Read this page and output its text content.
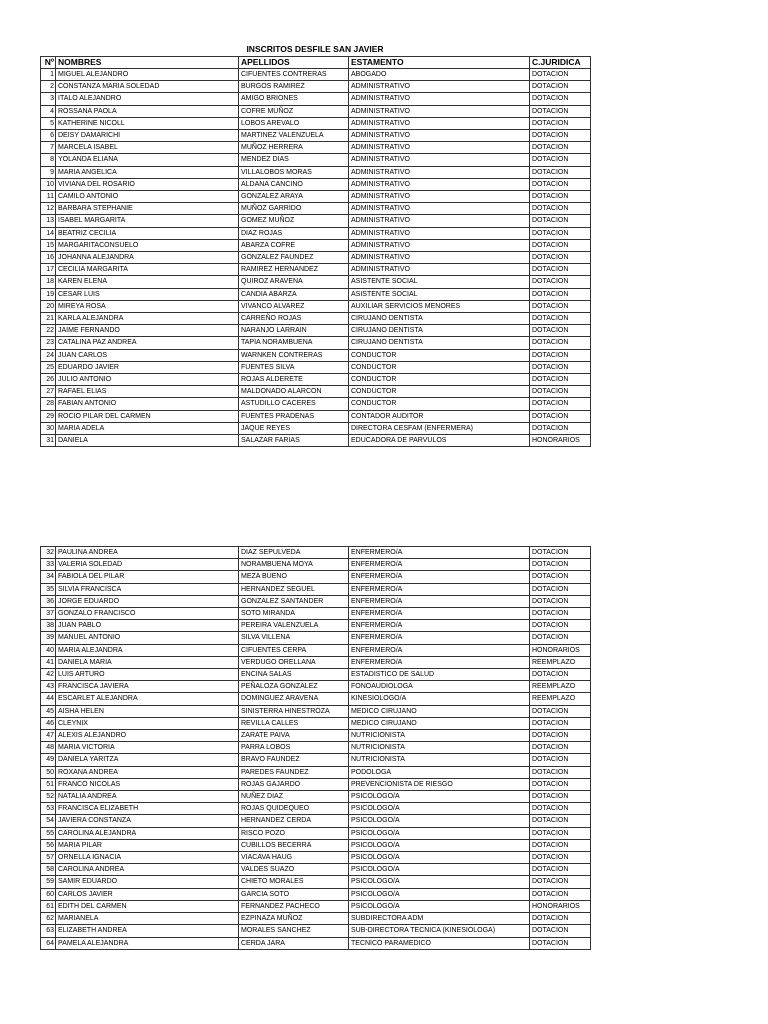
INSCRITOS DESFILE SAN JAVIER
Nº	NOMBRES	APELLIDOS	ESTAMENTO	C.JURIDICA
1	MIGUEL ALEJANDRO	CIFUENTES CONTRERAS	ABOGADO	DOTACION
2	CONSTANZA MARIA SOLEDAD	BURGOS RAMIREZ	ADMINISTRATIVO	DOTACION
3	ITALO ALEJANDRO	AMIGO BRIONES	ADMINISTRATIVO	DOTACION
4	ROSSANA PAOLA	COFRE MUÑOZ	ADMINISTRATIVO	DOTACION
5	KATHERINE NICOLL	LOBOS AREVALO	ADMINISTRATIVO	DOTACION
6	DEISY DAMARICHI	MARTINEZ VALENZUELA	ADMINISTRATIVO	DOTACION
7	MARCELA ISABEL	MUÑOZ HERRERA	ADMINISTRATIVO	DOTACION
8	YOLANDA ELIANA	MENDEZ DIAS	ADMINISTRATIVO	DOTACION
9	MARIA ANGELICA	VILLALOBOS MORAS	ADMINISTRATIVO	DOTACION
10	VIVIANA DEL ROSARIO	ALDANA CANCINO	ADMINISTRATIVO	DOTACION
11	CAMILO ANTONIO	GONZALEZ ARAYA	ADMINISTRATIVO	DOTACION
12	BARBARA STEPHANIE	MUÑOZ GARRIDO	ADMINISTRATIVO	DOTACION
13	ISABEL MARGARITA	GOMEZ MUÑOZ	ADMINISTRATIVO	DOTACION
14	BEATRIZ CECILIA	DIAZ ROJAS	ADMINISTRATIVO	DOTACION
15	MARGARITACONSUELO	ABARZA COFRE	ADMINISTRATIVO	DOTACION
16	JOHANNA ALEJANDRA	GONZALEZ FAUNDEZ	ADMINISTRATIVO	DOTACION
17	CECILIA MARGARITA	RAMIREZ HERNANDEZ	ADMINISTRATIVO	DOTACION
18	KAREN ELENA	QUIROZ ARAVENA	ASISTENTE SOCIAL	DOTACION
19	CESAR LUIS	CANDIA ABARZA	ASISTENTE SOCIAL	DOTACION
20	MIREYA ROSA	VIVANCO ALVAREZ	AUXILIAR SERVICIOS MENORES	DOTACION
21	KARLA ALEJANDRA	CARREÑO ROJAS	CIRUJANO DENTISTA	DOTACION
22	JAIME FERNANDO	NARANJO LARRAIN	CIRUJANO DENTISTA	DOTACION
23	CATALINA PAZ ANDREA	TAPIA NORAMBUENA	CIRUJANO DENTISTA	DOTACION
24	JUAN CARLOS	WARNKEN CONTRERAS	CONDUCTOR	DOTACION
25	EDUARDO JAVIER	FUENTES SILVA	CONDUCTOR	DOTACION
26	JULIO ANTONIO	ROJAS ALDERETE	CONDUCTOR	DOTACION
27	RAFAEL ELIAS	MALDONADO ALARCON	CONDUCTOR	DOTACION
28	FABIAN ANTONIO	ASTUDILLO CACERES	CONDUCTOR	DOTACION
29	ROCIO PILAR DEL CARMEN	FUENTES PRADENAS	CONTADOR AUDITOR	DOTACION
30	MARIA ADELA	JAQUE REYES	DIRECTORA CESFAM (ENFERMERA)	DOTACION
31	DANIELA	SALAZAR FARIAS	EDUCADORA DE PARVULOS	HONORARIOS
32	PAULINA ANDREA	DIAZ SEPULVEDA	ENFERMERO/A	DOTACION
33	VALERIA SOLEDAD	NORAMBUENA MOYA	ENFERMERO/A	DOTACION
34	FABIOLA DEL PILAR	MEZA BUENO	ENFERMERO/A	DOTACION
35	SILVIA FRANCISCA	HERNANDEZ SEGUEL	ENFERMERO/A	DOTACION
36	JORGE EDUARDO	GONZALEZ SANTANDER	ENFERMERO/A	DOTACION
37	GONZALO FRANCISCO	SOTO MIRANDA	ENFERMERO/A	DOTACION
38	JUAN PABLO	PEREIRA VALENZUELA	ENFERMERO/A	DOTACION
39	MANUEL ANTONIO	SILVA VILLENA	ENFERMERO/A	DOTACION
40	MARIA ALEJANDRA	CIFUENTES CERPA	ENFERMERO/A	HONORARIOS
41	DANIELA MARIA	VERDUGO ORELLANA	ENFERMERO/A	REEMPLAZO
42	LUIS ARTURO	ENCINA SALAS	ESTADISTICO DE SALUD	DOTACION
43	FRANCISCA JAVIERA	PEÑALOZA GONZALEZ	FONOAUDIOLOGA	REEMPLAZO
44	ESCARLET ALEJANDRA	DOMINGUEZ ARAVENA	KINESIOLOGO/A	REEMPLAZO
45	AISHA HELEN	SINISTERRA HINESTROZA	MEDICO CIRUJANO	DOTACION
46	CLEYNIX	REVILLA CALLES	MEDICO CIRUJANO	DOTACION
47	ALEXIS ALEJANDRO	ZARATE PAIVA	NUTRICIONISTA	DOTACION
48	MARIA VICTORIA	PARRA LOBOS	NUTRICIONISTA	DOTACION
49	DANIELA YARITZA	BRAVO FAUNDEZ	NUTRICIONISTA	DOTACION
50	ROXANA ANDREA	PAREDES FAUNDEZ	PODOLOGA	DOTACION
51	FRANCO NICOLAS	ROJAS GAJARDO	PREVENCIONISTA DE RIESGO	DOTACION
52	NATALIA ANDREA	NUÑEZ DIAZ	PSICOLOGO/A	DOTACION
53	FRANCISCA ELIZABETH	ROJAS QUIDEQUEO	PSICOLOGO/A	DOTACION
54	JAVIERA CONSTANZA	HERNANDEZ CERDA	PSICOLOGO/A	DOTACION
55	CAROLINA ALEJANDRA	RISCO POZO	PSICOLOGO/A	DOTACION
56	MARIA PILAR	CUBILLOS BECERRA	PSICOLOGO/A	DOTACION
57	ORNELLA IGNACIA	VIACAVA HAUG	PSICOLOGO/A	DOTACION
58	CAROLINA ANDREA	VALDES SUAZO	PSICOLOGO/A	DOTACION
59	SAMIR EDUARDO	CHIETO MORALES	PSICOLOGO/A	DOTACION
60	CARLOS JAVIER	GARCIA SOTO	PSICOLOGO/A	DOTACION
61	EDITH DEL CARMEN	FERNANDEZ PACHECO	PSICOLOGO/A	HONORARIOS
62	MARIANELA	EZPINAZA MUÑOZ	SUBDIRECTORA ADM	DOTACION
63	ELIZABETH ANDREA	MORALES SANCHEZ	SUB-DIRECTORA TECNICA (KINESIOLOGA)	DOTACION
64	PAMELA ALEJANDRA	CERDA JARA	TECNICO PARAMEDICO	DOTACION
